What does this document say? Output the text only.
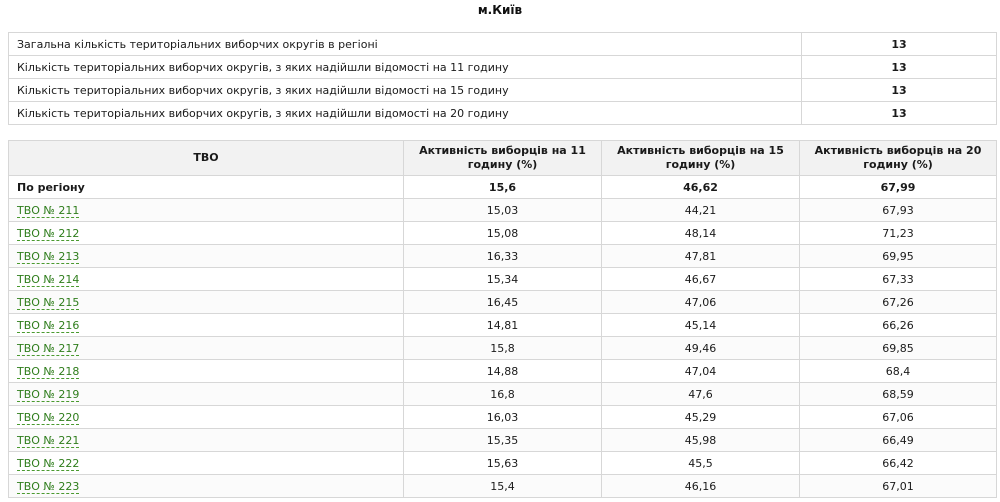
м.Київ
Загальна кількість територіальних виборчих округів в регіоні	13
Кількість територіальних виборчих округів, з яких надійшли відомості на 11 годину	13
Кількість територіальних виборчих округів, з яких надійшли відомості на 15 годину	13
Кількість територіальних виборчих округів, з яких надійшли відомості на 20 годину	13
ТВО	Активність виборців на 11 годину (%)	Активність виборців на 15 годину (%)	Активність виборців на 20 годину (%)
По регіону	15,6	46,62	67,99
ТВО № 211	15,03	44,21	67,93
ТВО № 212	15,08	48,14	71,23
ТВО № 213	16,33	47,81	69,95
ТВО № 214	15,34	46,67	67,33
ТВО № 215	16,45	47,06	67,26
ТВО № 216	14,81	45,14	66,26
ТВО № 217	15,8	49,46	69,85
ТВО № 218	14,88	47,04	68,4
ТВО № 219	16,8	47,6	68,59
ТВО № 220	16,03	45,29	67,06
ТВО № 221	15,35	45,98	66,49
ТВО № 222	15,63	45,5	66,42
ТВО № 223	15,4	46,16	67,01
